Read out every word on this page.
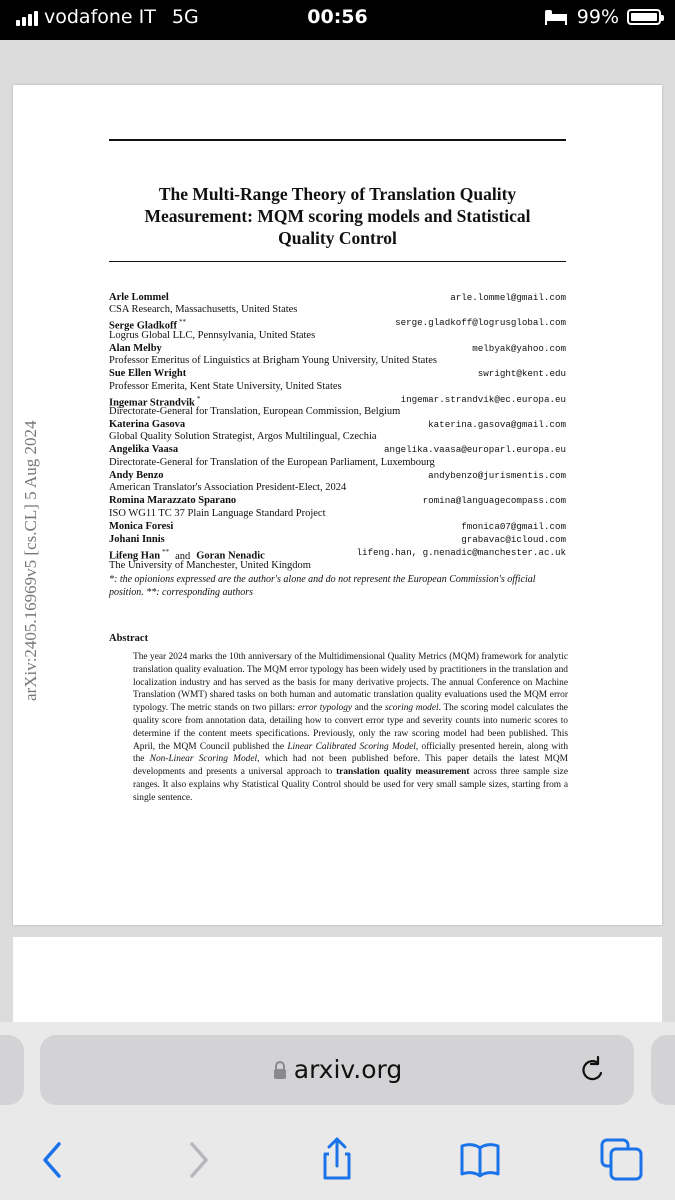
vodafone IT 5G	00:56	99%
The Multi-Range Theory of Translation Quality
Measurement: MQM scoring models and Statistical
Quality Control
arXiv:2405.16969v5 [cs.CL] 5 Aug 2024
Arle Lommel	arle.lommel@gmail.com
CSA Research, Massachusetts, United States
Serge Gladkoff **	serge.gladkoff@logrusglobal.com
Logrus Global LLC, Pennsylvania, United States
Alan Melby	melbyak@yahoo.com
Professor Emeritus of Linguistics at Brigham Young University, United States
Sue Ellen Wright	swright@kent.edu
Professor Emerita, Kent State University, United States
Ingemar Strandvik *	ingemar.strandvik@ec.europa.eu
Directorate-General for Translation, European Commission, Belgium
Katerina Gasova	katerina.gasova@gmail.com
Global Quality Solution Strategist, Argos Multilingual, Czechia
Angelika Vaasa	angelika.vaasa@europarl.europa.eu
Directorate-General for Translation of the European Parliament, Luxembourg
Andy Benzo	andybenzo@jurismentis.com
American Translator's Association President-Elect, 2024
Romina Marazzato Sparano	romina@languagecompass.com
ISO WG11 TC 37 Plain Language Standard Project
Monica Foresi	fmonica07@gmail.com
Johani Innis	grabavac@icloud.com
Lifeng Han ** and Goran Nenadic	lifeng.han, g.nenadic@manchester.ac.uk
The University of Manchester, United Kingdom
*: the opionions expressed are the author's alone and do not represent the European Commission's official position. **: corresponding authors
Abstract
The year 2024 marks the 10th anniversary of the Multidimensional Quality Metrics (MQM) framework for analytic translation quality evaluation. The MQM error typology has been widely used by practitioners in the translation and localization industry and has served as the basis for many derivative projects. The annual Conference on Machine Translation (WMT) shared tasks on both human and automatic translation quality evaluations used the MQM error typology. The metric stands on two pillars: error typology and the scoring model. The scoring model calculates the quality score from annotation data, detailing how to convert error type and severity counts into numeric scores to determine if the content meets specifications. Previously, only the raw scoring model had been published. This April, the MQM Council published the Linear Calibrated Scoring Model, officially presented herein, along with the Non-Linear Scoring Model, which had not been published before. This paper details the latest MQM developments and presents a universal approach to translation quality measurement across three sample size ranges. It also explains why Statistical Quality Control should be used for very small sample sizes, starting from a single sentence.
arxiv.org
